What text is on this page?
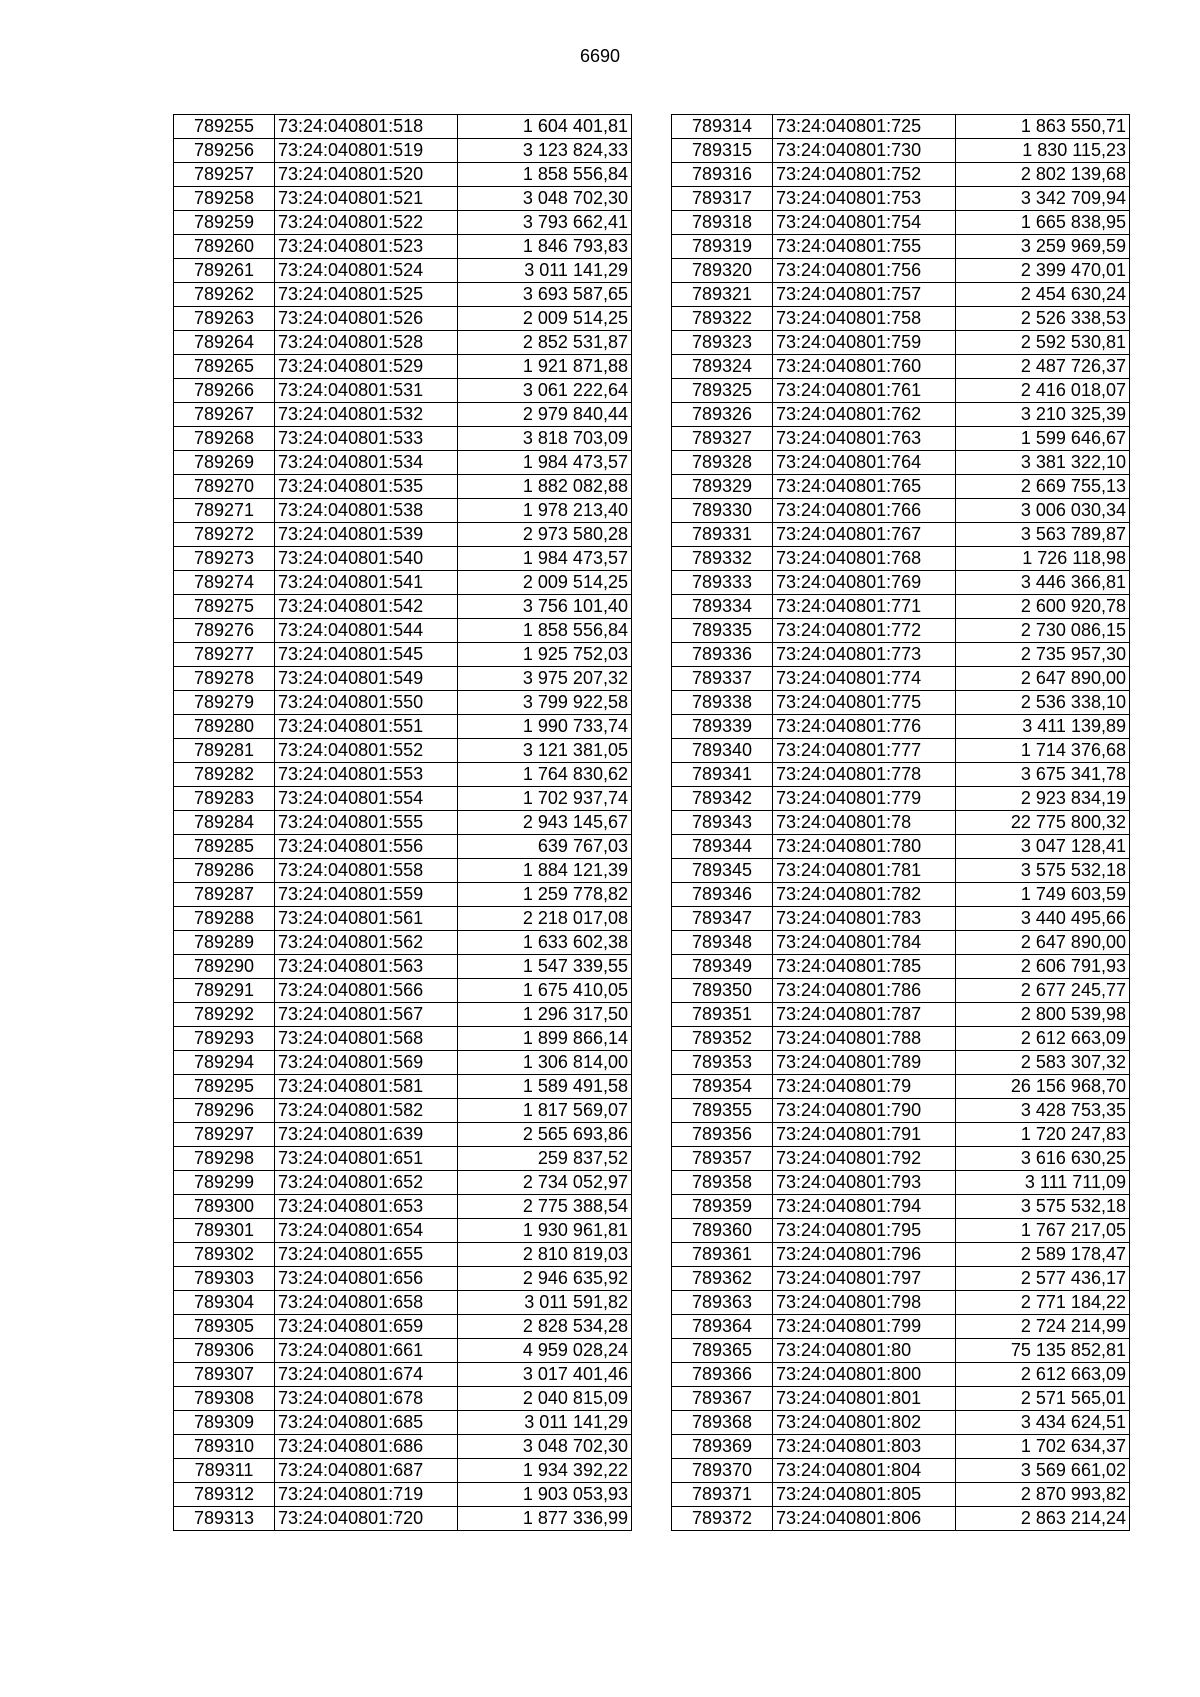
6690
789255	73:24:040801:518	1 604 401,81
789256	73:24:040801:519	3 123 824,33
789257	73:24:040801:520	1 858 556,84
789258	73:24:040801:521	3 048 702,30
789259	73:24:040801:522	3 793 662,41
789260	73:24:040801:523	1 846 793,83
789261	73:24:040801:524	3 011 141,29
789262	73:24:040801:525	3 693 587,65
789263	73:24:040801:526	2 009 514,25
789264	73:24:040801:528	2 852 531,87
789265	73:24:040801:529	1 921 871,88
789266	73:24:040801:531	3 061 222,64
789267	73:24:040801:532	2 979 840,44
789268	73:24:040801:533	3 818 703,09
789269	73:24:040801:534	1 984 473,57
789270	73:24:040801:535	1 882 082,88
789271	73:24:040801:538	1 978 213,40
789272	73:24:040801:539	2 973 580,28
789273	73:24:040801:540	1 984 473,57
789274	73:24:040801:541	2 009 514,25
789275	73:24:040801:542	3 756 101,40
789276	73:24:040801:544	1 858 556,84
789277	73:24:040801:545	1 925 752,03
789278	73:24:040801:549	3 975 207,32
789279	73:24:040801:550	3 799 922,58
789280	73:24:040801:551	1 990 733,74
789281	73:24:040801:552	3 121 381,05
789282	73:24:040801:553	1 764 830,62
789283	73:24:040801:554	1 702 937,74
789284	73:24:040801:555	2 943 145,67
789285	73:24:040801:556	639 767,03
789286	73:24:040801:558	1 884 121,39
789287	73:24:040801:559	1 259 778,82
789288	73:24:040801:561	2 218 017,08
789289	73:24:040801:562	1 633 602,38
789290	73:24:040801:563	1 547 339,55
789291	73:24:040801:566	1 675 410,05
789292	73:24:040801:567	1 296 317,50
789293	73:24:040801:568	1 899 866,14
789294	73:24:040801:569	1 306 814,00
789295	73:24:040801:581	1 589 491,58
789296	73:24:040801:582	1 817 569,07
789297	73:24:040801:639	2 565 693,86
789298	73:24:040801:651	259 837,52
789299	73:24:040801:652	2 734 052,97
789300	73:24:040801:653	2 775 388,54
789301	73:24:040801:654	1 930 961,81
789302	73:24:040801:655	2 810 819,03
789303	73:24:040801:656	2 946 635,92
789304	73:24:040801:658	3 011 591,82
789305	73:24:040801:659	2 828 534,28
789306	73:24:040801:661	4 959 028,24
789307	73:24:040801:674	3 017 401,46
789308	73:24:040801:678	2 040 815,09
789309	73:24:040801:685	3 011 141,29
789310	73:24:040801:686	3 048 702,30
789311	73:24:040801:687	1 934 392,22
789312	73:24:040801:719	1 903 053,93
789313	73:24:040801:720	1 877 336,99
789314	73:24:040801:725	1 863 550,71
789315	73:24:040801:730	1 830 115,23
789316	73:24:040801:752	2 802 139,68
789317	73:24:040801:753	3 342 709,94
789318	73:24:040801:754	1 665 838,95
789319	73:24:040801:755	3 259 969,59
789320	73:24:040801:756	2 399 470,01
789321	73:24:040801:757	2 454 630,24
789322	73:24:040801:758	2 526 338,53
789323	73:24:040801:759	2 592 530,81
789324	73:24:040801:760	2 487 726,37
789325	73:24:040801:761	2 416 018,07
789326	73:24:040801:762	3 210 325,39
789327	73:24:040801:763	1 599 646,67
789328	73:24:040801:764	3 381 322,10
789329	73:24:040801:765	2 669 755,13
789330	73:24:040801:766	3 006 030,34
789331	73:24:040801:767	3 563 789,87
789332	73:24:040801:768	1 726 118,98
789333	73:24:040801:769	3 446 366,81
789334	73:24:040801:771	2 600 920,78
789335	73:24:040801:772	2 730 086,15
789336	73:24:040801:773	2 735 957,30
789337	73:24:040801:774	2 647 890,00
789338	73:24:040801:775	2 536 338,10
789339	73:24:040801:776	3 411 139,89
789340	73:24:040801:777	1 714 376,68
789341	73:24:040801:778	3 675 341,78
789342	73:24:040801:779	2 923 834,19
789343	73:24:040801:78	22 775 800,32
789344	73:24:040801:780	3 047 128,41
789345	73:24:040801:781	3 575 532,18
789346	73:24:040801:782	1 749 603,59
789347	73:24:040801:783	3 440 495,66
789348	73:24:040801:784	2 647 890,00
789349	73:24:040801:785	2 606 791,93
789350	73:24:040801:786	2 677 245,77
789351	73:24:040801:787	2 800 539,98
789352	73:24:040801:788	2 612 663,09
789353	73:24:040801:789	2 583 307,32
789354	73:24:040801:79	26 156 968,70
789355	73:24:040801:790	3 428 753,35
789356	73:24:040801:791	1 720 247,83
789357	73:24:040801:792	3 616 630,25
789358	73:24:040801:793	3 111 711,09
789359	73:24:040801:794	3 575 532,18
789360	73:24:040801:795	1 767 217,05
789361	73:24:040801:796	2 589 178,47
789362	73:24:040801:797	2 577 436,17
789363	73:24:040801:798	2 771 184,22
789364	73:24:040801:799	2 724 214,99
789365	73:24:040801:80	75 135 852,81
789366	73:24:040801:800	2 612 663,09
789367	73:24:040801:801	2 571 565,01
789368	73:24:040801:802	3 434 624,51
789369	73:24:040801:803	1 702 634,37
789370	73:24:040801:804	3 569 661,02
789371	73:24:040801:805	2 870 993,82
789372	73:24:040801:806	2 863 214,24
